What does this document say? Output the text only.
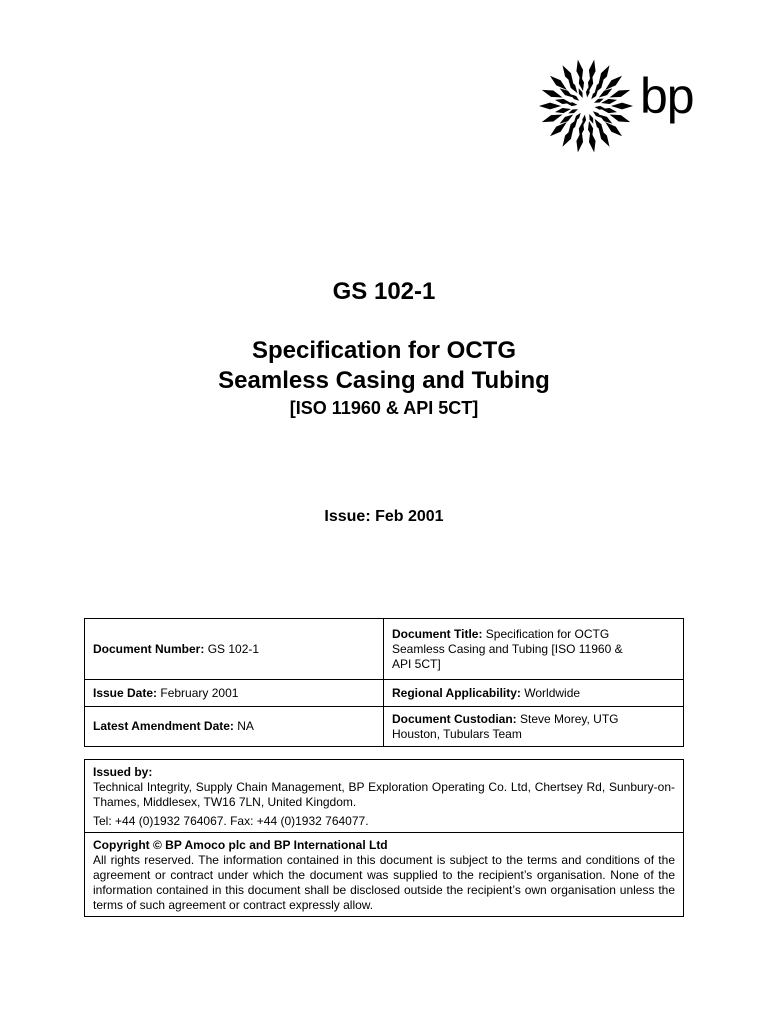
bp

GS 102-1

Specification for OCTG
Seamless Casing and Tubing

[ISO 11960 & API 5CT]

Issue: Feb 2001

Document Number: GS 102-1	Document Title: Specification for OCTG
Seamless Casing and Tubing [ISO 11960 &
API 5CT]
Issue Date: February 2001	Regional Applicability: Worldwide
Latest Amendment Date: NA	Document Custodian: Steve Morey, UTG
Houston, Tubulars Team

Issued by:

Technical Integrity, Supply Chain Management, BP Exploration Operating Co. Ltd, Chertsey Rd, Sunbury-on-Thames, Middlesex, TW16 7LN, United Kingdom.

Tel: +44 (0)1932 764067. Fax: +44 (0)1932 764077.

Copyright © BP Amoco plc and BP International Ltd

All rights reserved. The information contained in this document is subject to the terms and conditions of the agreement or contract under which the document was supplied to the recipient’s organisation. None of the information contained in this document shall be disclosed outside the recipient’s own organisation unless the terms of such agreement or contract expressly allow.
